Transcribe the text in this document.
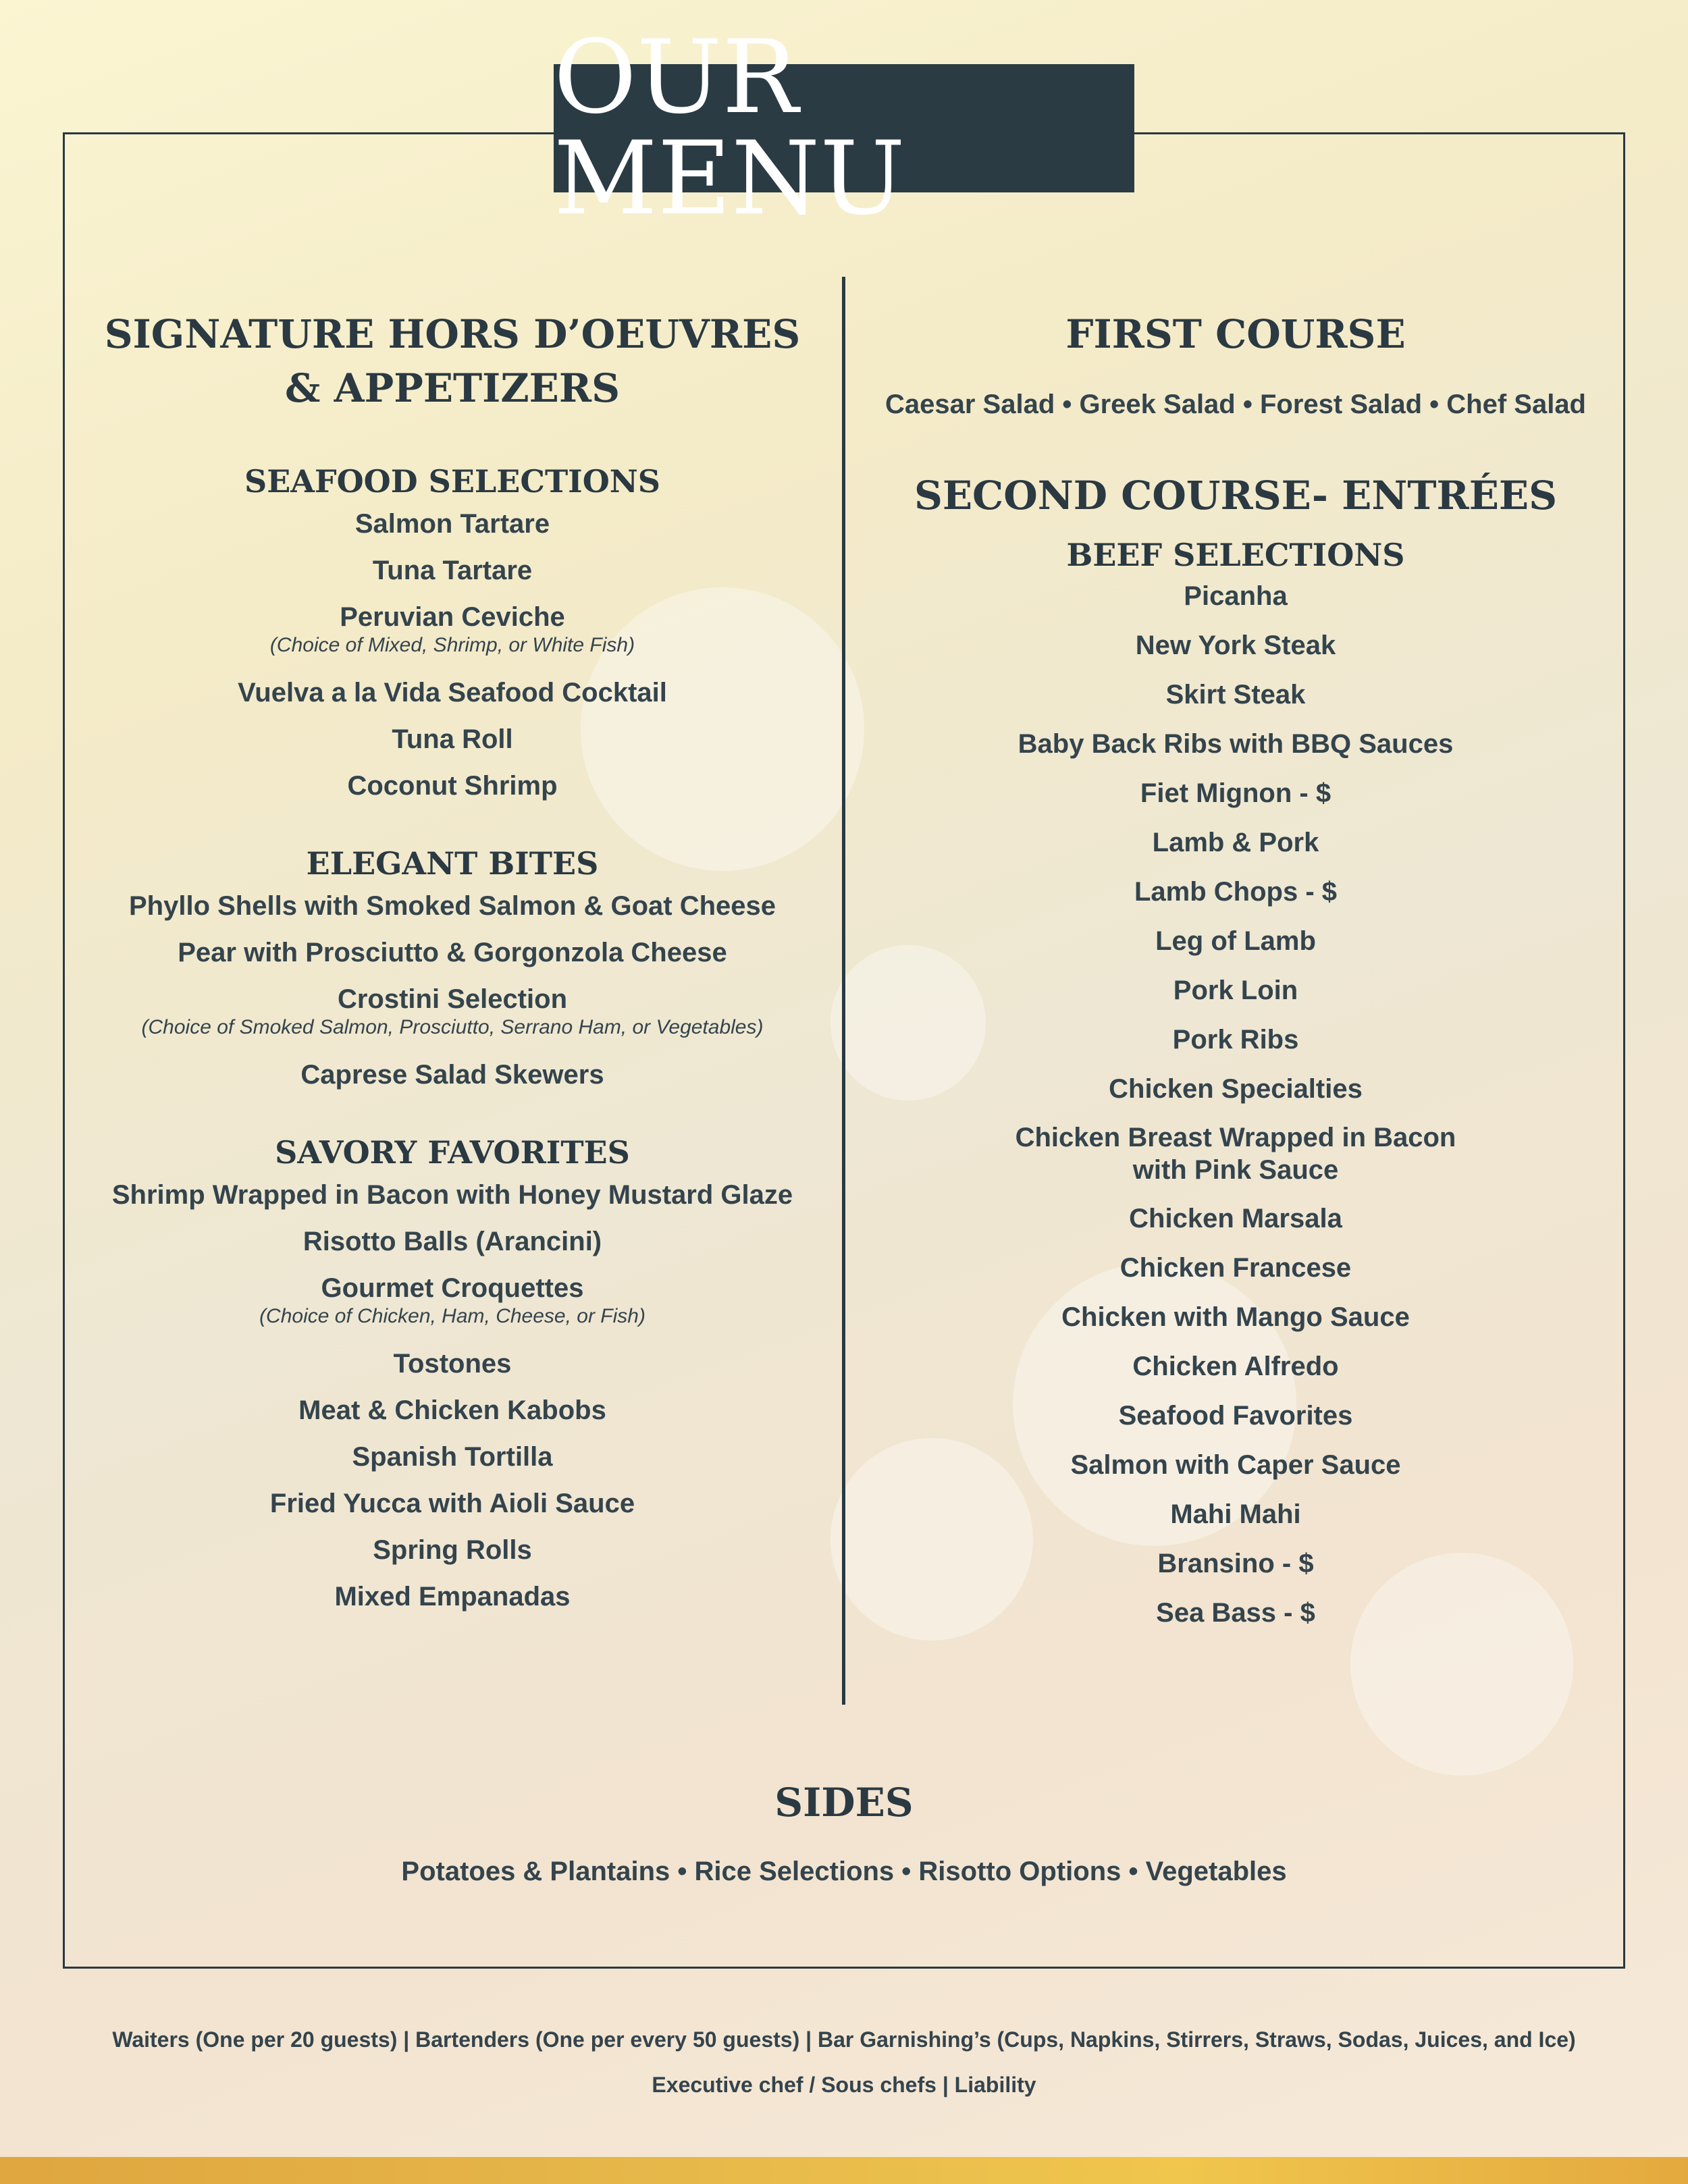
OUR MENU
SIGNATURE HORS D’OEUVRES
& APPETIZERS
SEAFOOD SELECTIONS
Salmon Tartare
Tuna Tartare
Peruvian Ceviche
(Choice of Mixed, Shrimp, or White Fish)
Vuelva a la Vida Seafood Cocktail
Tuna Roll
Coconut Shrimp
ELEGANT BITES
Phyllo Shells with Smoked Salmon & Goat Cheese
Pear with Prosciutto & Gorgonzola Cheese
Crostini Selection
(Choice of Smoked Salmon, Prosciutto, Serrano Ham, or Vegetables)
Caprese Salad Skewers
SAVORY FAVORITES
Shrimp Wrapped in Bacon with Honey Mustard Glaze
Risotto Balls (Arancini)
Gourmet Croquettes
(Choice of Chicken, Ham, Cheese, or Fish)
Tostones
Meat & Chicken Kabobs
Spanish Tortilla
Fried Yucca with Aioli Sauce
Spring Rolls
Mixed Empanadas
FIRST COURSE
Caesar Salad • Greek Salad • Forest Salad • Chef Salad
SECOND COURSE- ENTRÉES
BEEF SELECTIONS
Picanha
New York Steak
Skirt Steak
Baby Back Ribs with BBQ Sauces
Fiet Mignon - $
Lamb & Pork
Lamb Chops - $
Leg of Lamb
Pork Loin
Pork Ribs
Chicken Specialties
Chicken Breast Wrapped in Bacon
with Pink Sauce
Chicken Marsala
Chicken Francese
Chicken with Mango Sauce
Chicken Alfredo
Seafood Favorites
Salmon with Caper Sauce
Mahi Mahi
Bransino - $
Sea Bass - $
SIDES
Potatoes & Plantains • Rice Selections • Risotto Options • Vegetables
Waiters (One per 20 guests) | Bartenders (One per every 50 guests) | Bar Garnishing’s (Cups, Napkins, Stirrers, Straws, Sodas, Juices, and Ice)
Executive chef / Sous chefs | Liability
